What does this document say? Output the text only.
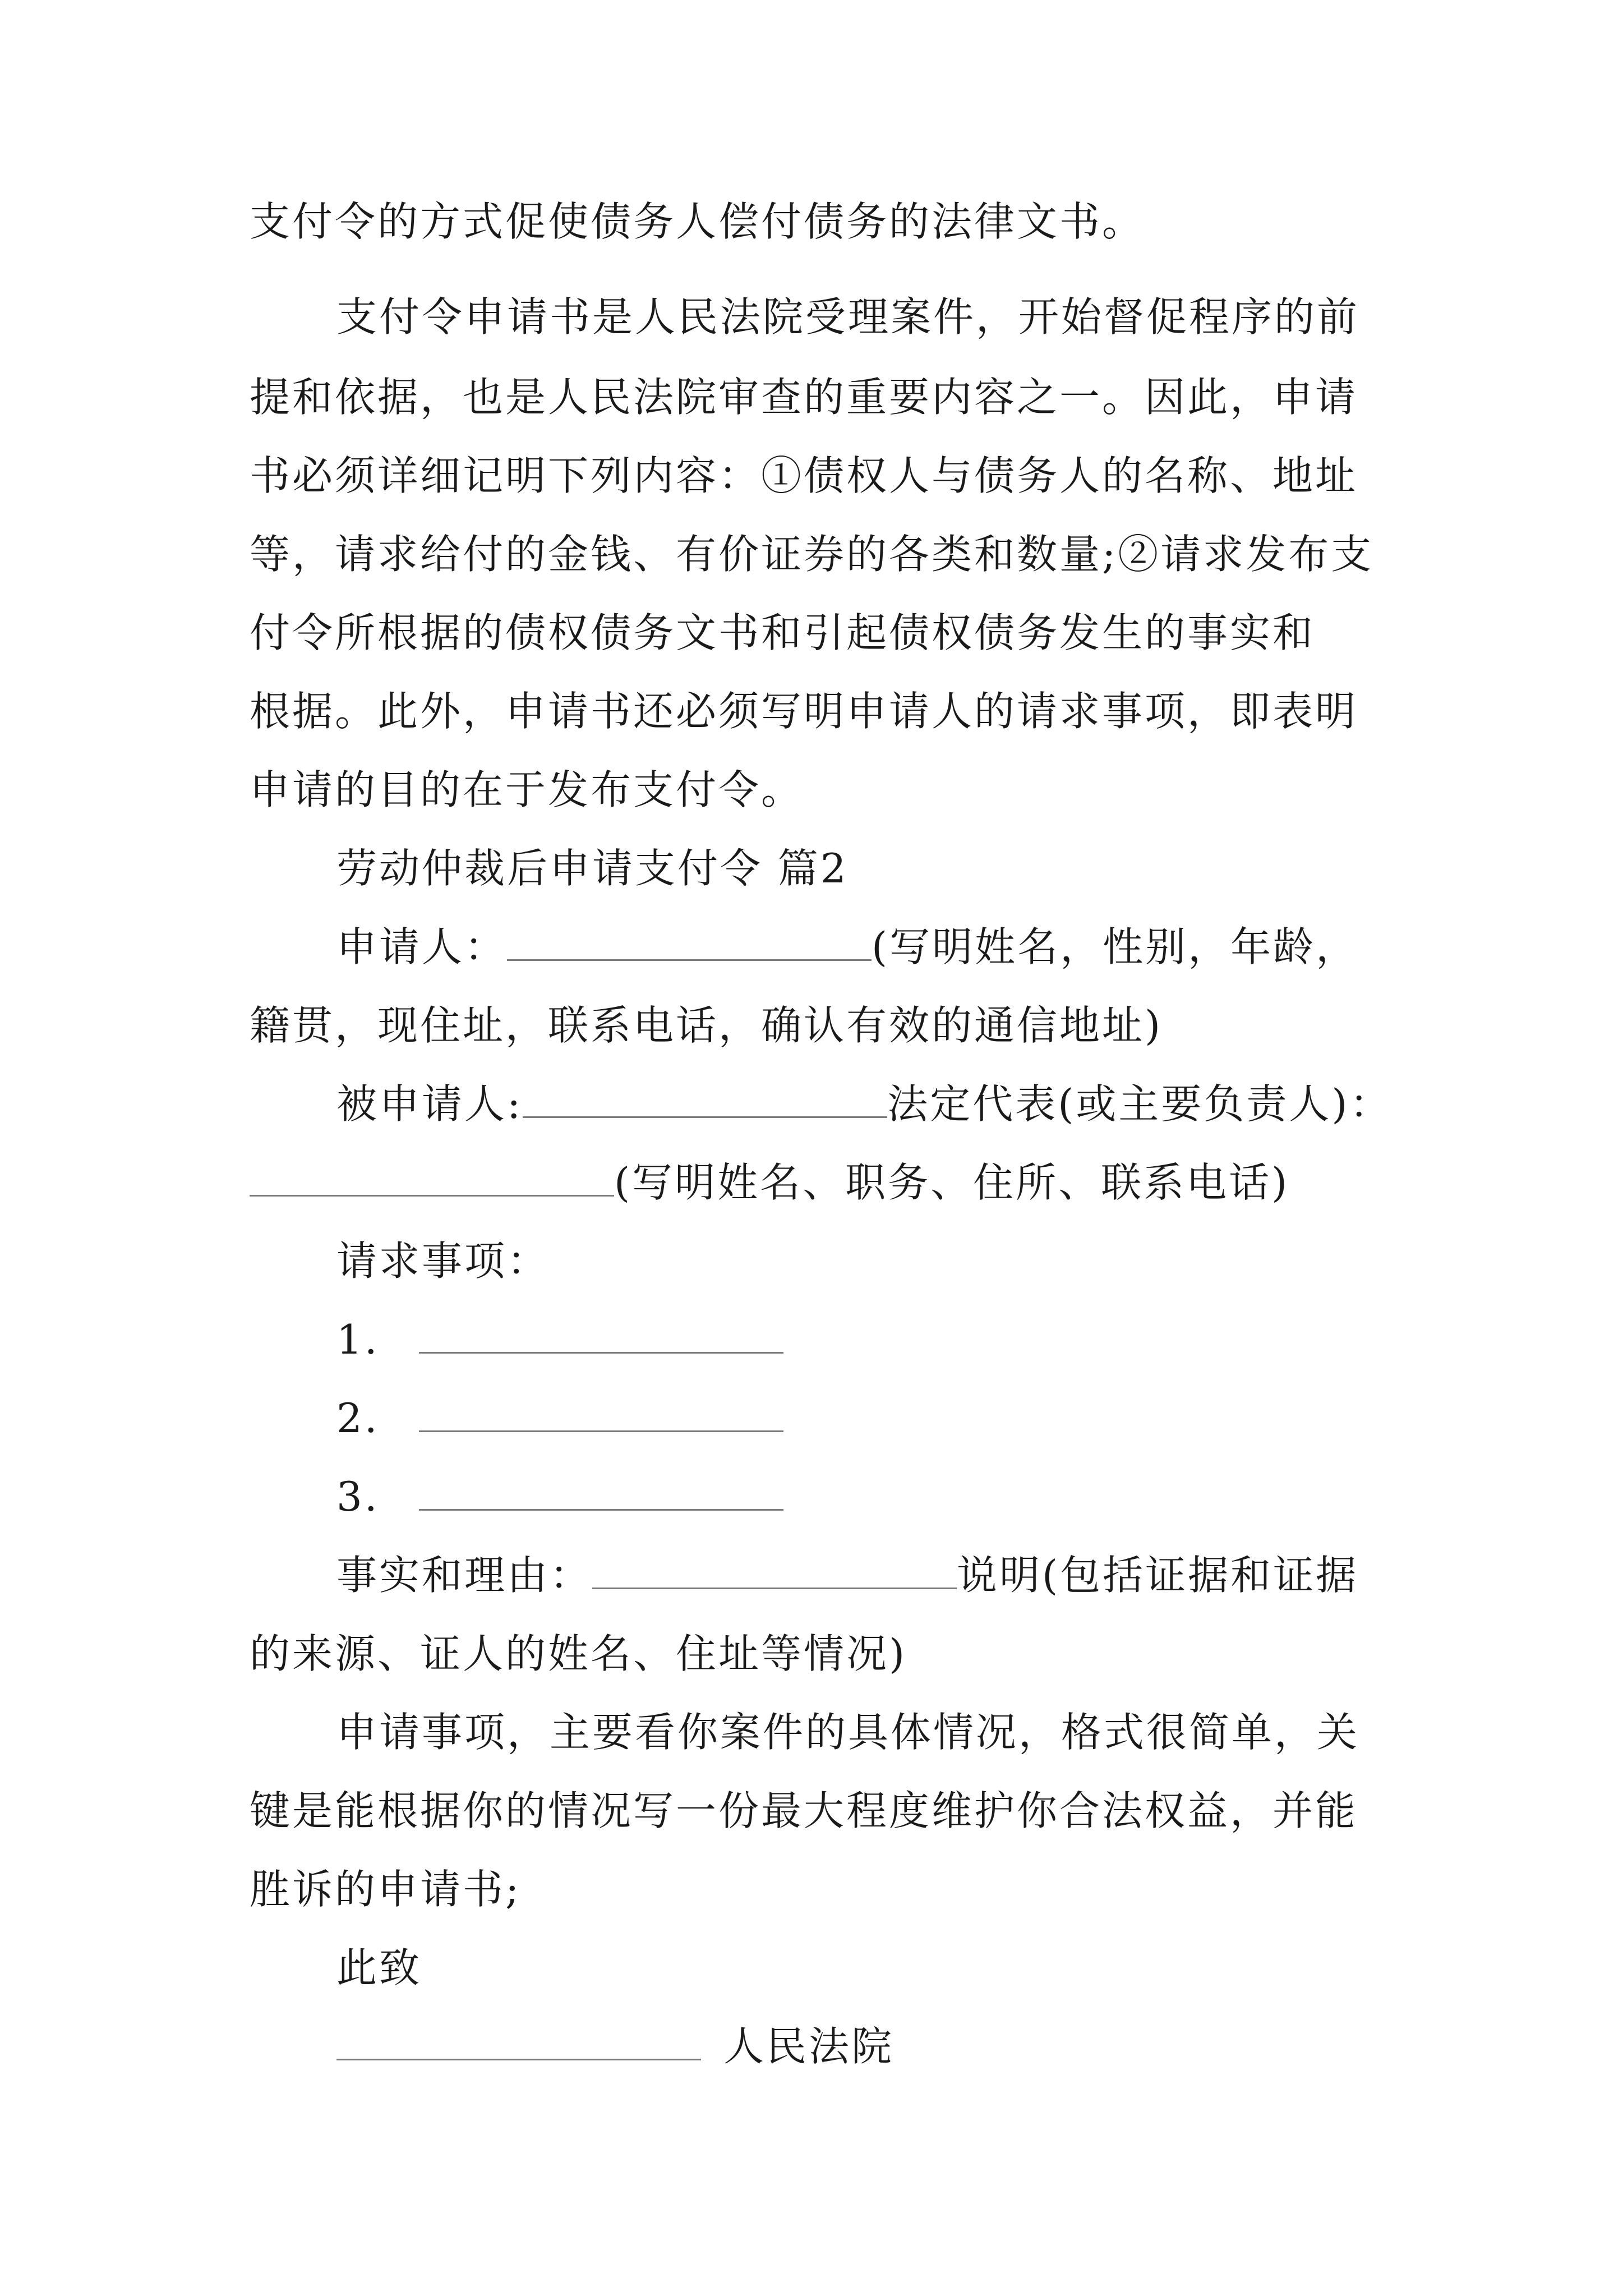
支付令的方式促使债务人偿付债务的法律文书。
支付令申请书是人民法院受理案件，开始督促程序的前
提和依据，也是人民法院审查的重要内容之一。因此，申请
书必须详细记明下列内容：①债权人与债务人的名称、地址
等，请求给付的金钱、有价证券的各类和数量;②请求发布支
付令所根据的债权债务文书和引起债权债务发生的事实和
根据。此外，申请书还必须写明申请人的请求事项，即表明
申请的目的在于发布支付令。
劳动仲裁后申请支付令 篇2
申请人：	(写明姓名，性别，年龄，
籍贯，现住址，联系电话，确认有效的通信地址)
被申请人:	法定代表(或主要负责人)：
(写明姓名、职务、住所、联系电话)
请求事项：
1.
2.
3.
事实和理由：	说明(包括证据和证据
的来源、证人的姓名、住址等情况)
申请事项，主要看你案件的具体情况，格式很简单，关
键是能根据你的情况写一份最大程度维护你合法权益，并能
胜诉的申请书;
此致
人民法院
